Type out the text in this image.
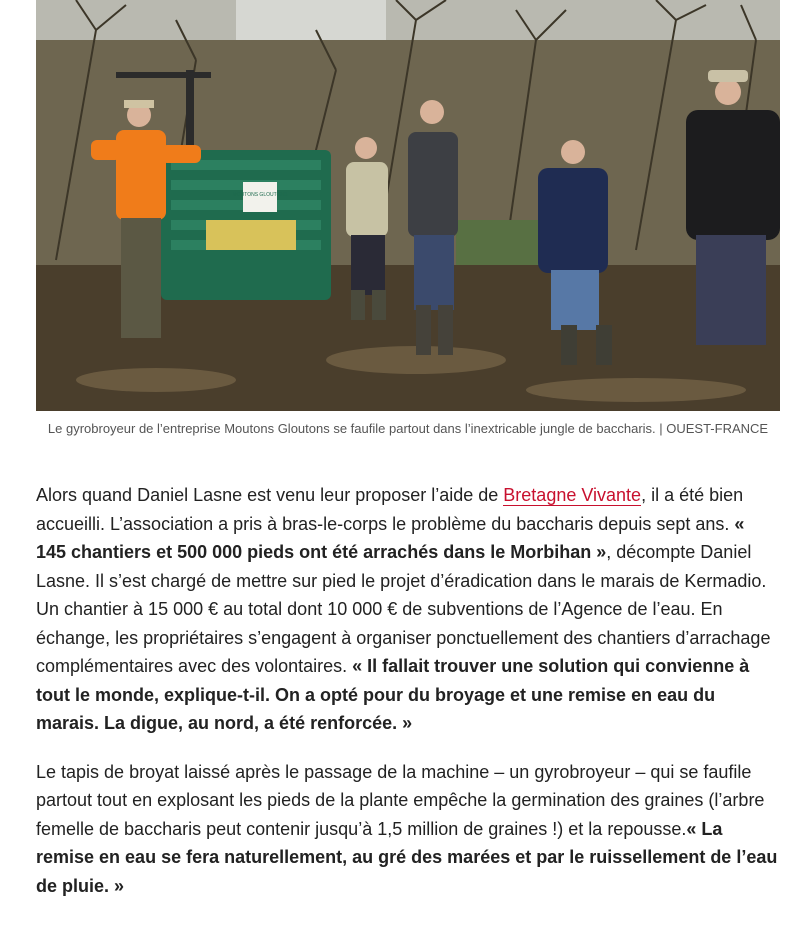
MOUTONS GLOUTONS
Le gyrobroyeur de l’entreprise Moutons Gloutons se faufile partout dans l’inextricable jungle de baccharis. | OUEST-FRANCE

Alors quand Daniel Lasne est venu leur proposer l’aide de Bretagne Vivante, il a été bien accueilli. L’association a pris à bras-le-corps le problème du baccharis depuis sept ans. « 145 chantiers et 500 000 pieds ont été arrachés dans le Morbihan », décompte Daniel Lasne. Il s’est chargé de mettre sur pied le projet d’éradication dans le marais de Kermadio. Un chantier à 15 000 € au total dont 10 000 € de subventions de l’Agence de l’eau. En échange, les propriétaires s’engagent à organiser ponctuellement des chantiers d’arrachage complémentaires avec des volontaires. « Il fallait trouver une solution qui convienne à tout le monde, explique-t-il. On a opté pour du broyage et une remise en eau du marais. La digue, au nord, a été renforcée. »

Le tapis de broyat laissé après le passage de la machine – un gyrobroyeur – qui se faufile partout tout en explosant les pieds de la plante empêche la germination des graines (l’arbre femelle de baccharis peut contenir jusqu’à 1,5 million de graines !) et la repousse.« La remise en eau se fera naturellement, au gré des marées et par le ruissellement de l’eau de pluie. »
